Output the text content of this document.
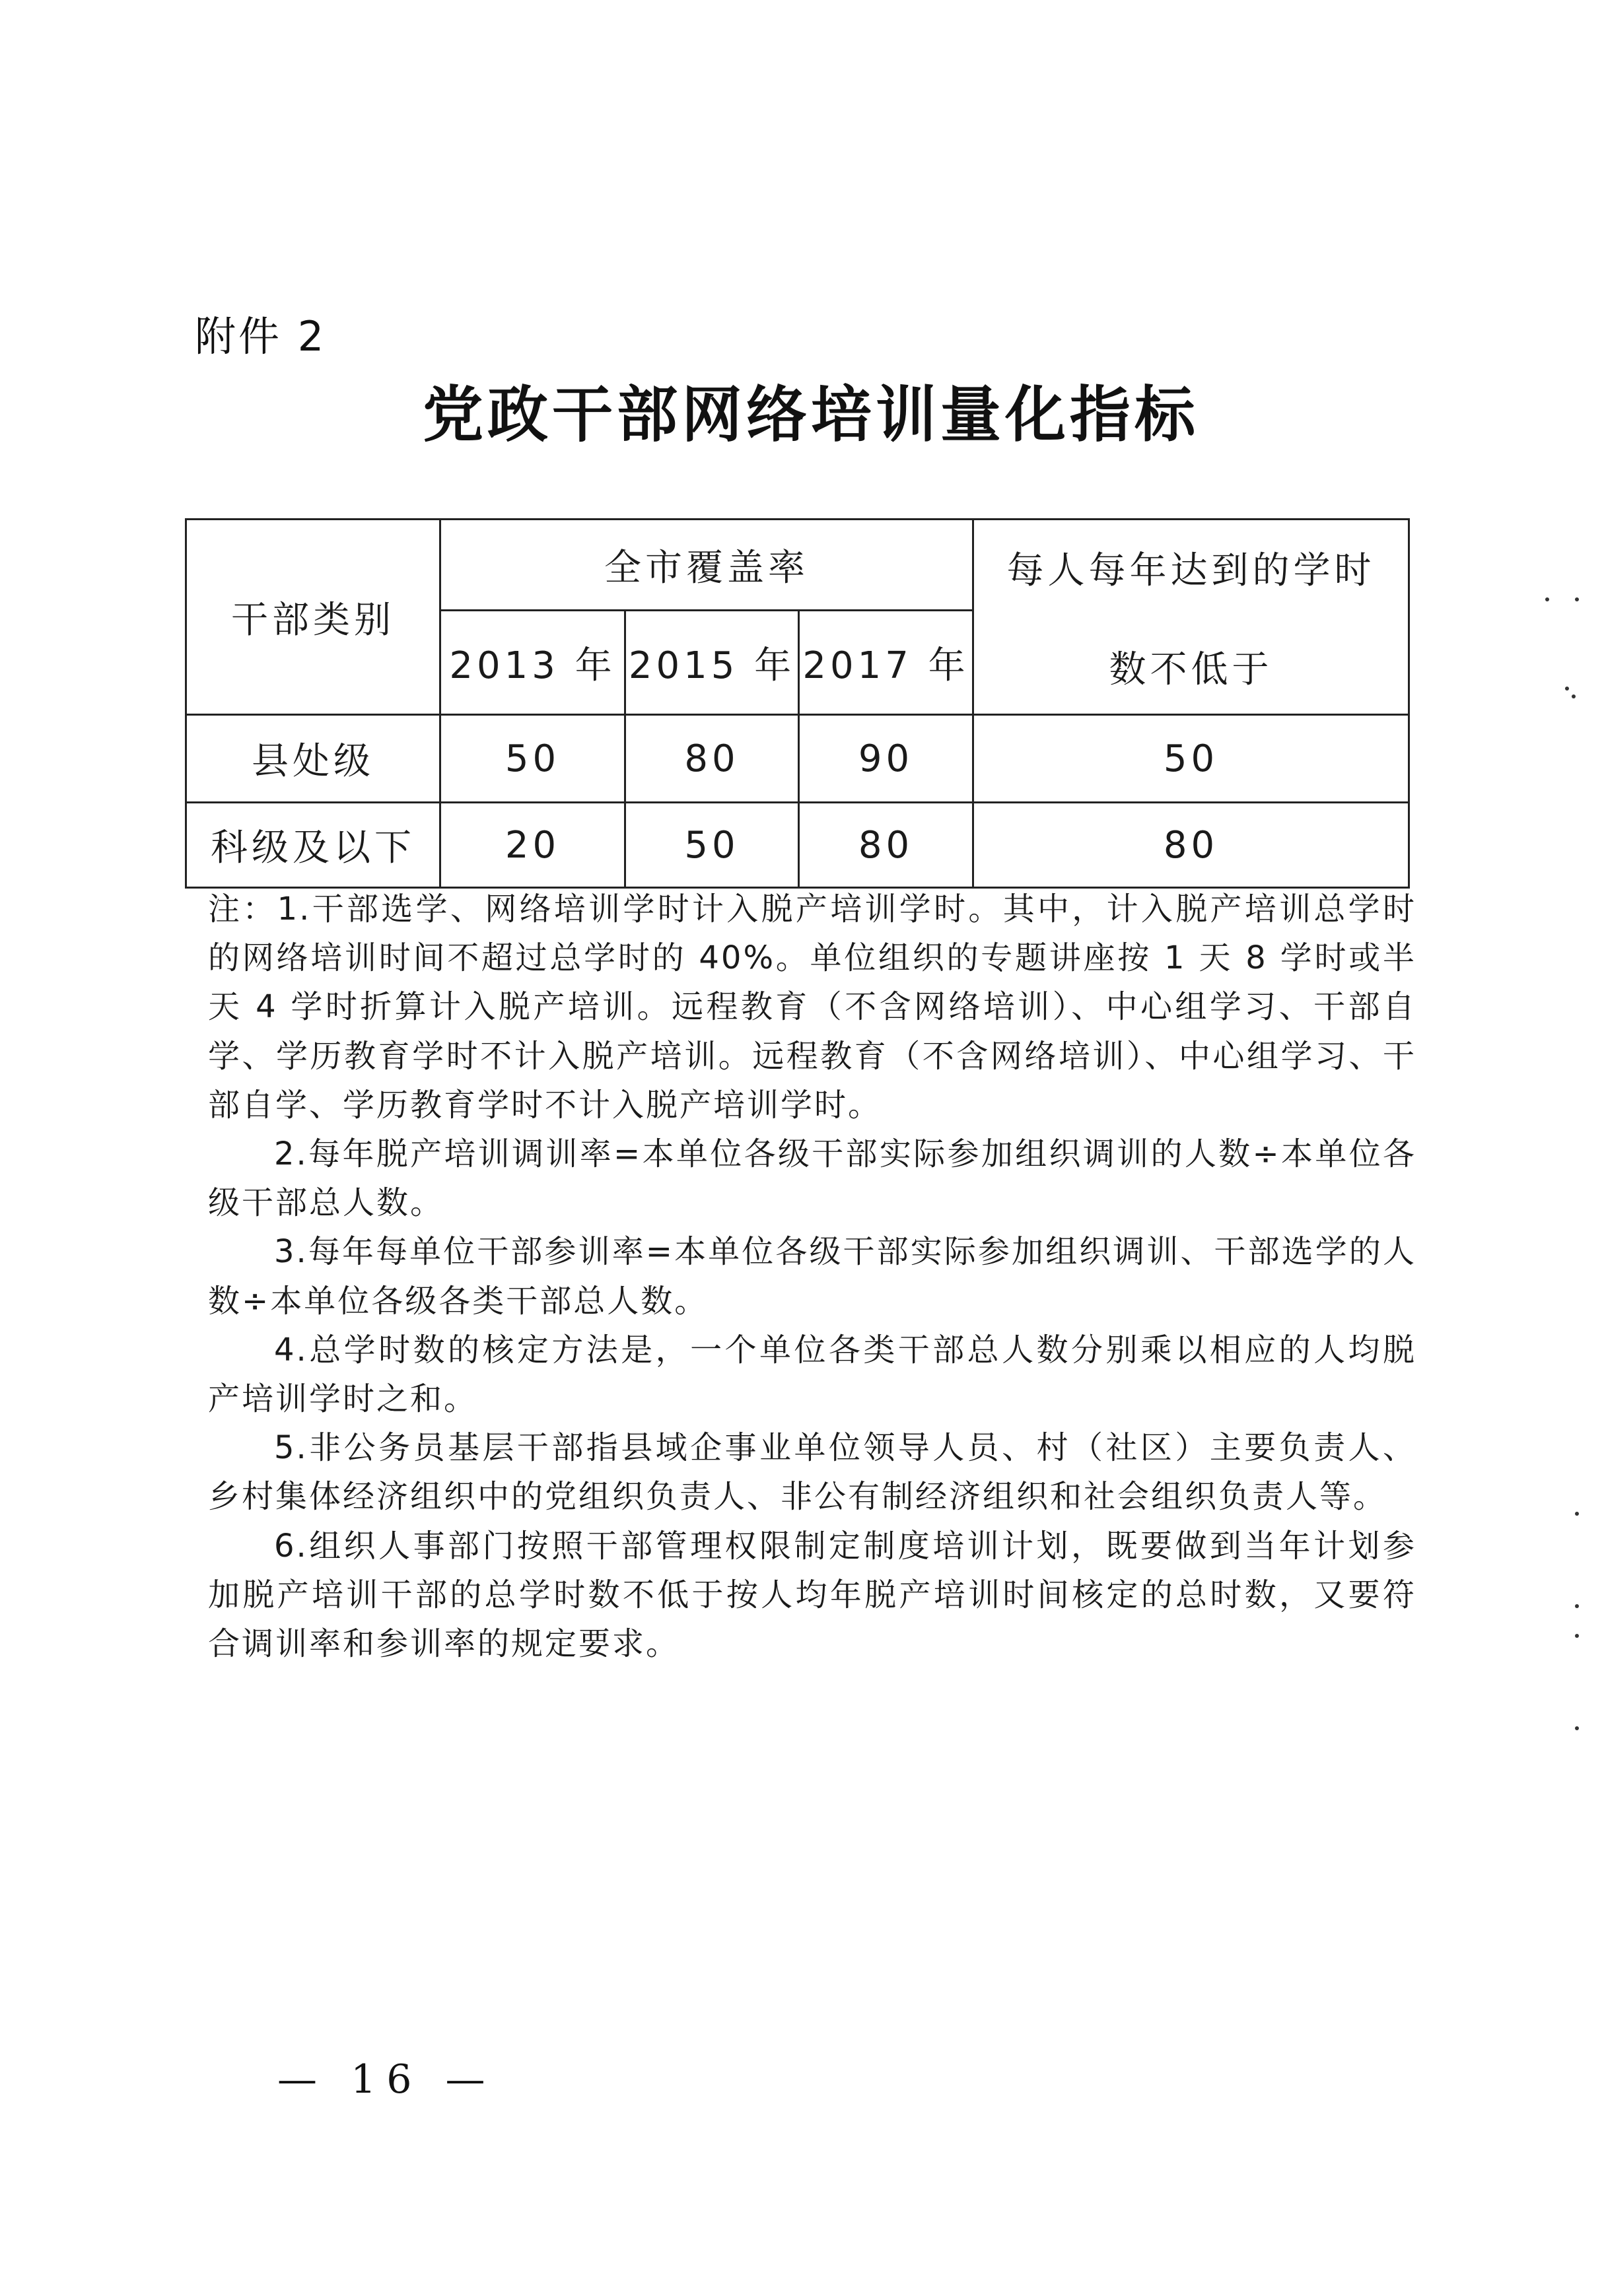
附件 2
党政干部网络培训量化指标
干部类别	全市覆盖率			每人每年达到的学时
数不低于

	2013 年	2015 年	2017 年	
县处级	50	80	90	50
科级及以下	20	50	80	80

注：1.干部选学、网络培训学时计入脱产培训学时。其中，计入脱产培训总学时的网络培训时间不超过总学时的 40%。单位组织的专题讲座按 1 天 8 学时或半天 4 学时折算计入脱产培训。远程教育（不含网络培训）、中心组学习、干部自学、学历教育学时不计入脱产培训。远程教育（不含网络培训）、中心组学习、干部自学、学历教育学时不计入脱产培训学时。

2.每年脱产培训调训率=本单位各级干部实际参加组织调训的人数÷本单位各级干部总人数。

3.每年每单位干部参训率=本单位各级干部实际参加组织调训、干部选学的人数÷本单位各级各类干部总人数。

4.总学时数的核定方法是，一个单位各类干部总人数分别乘以相应的人均脱产培训学时之和。

5.非公务员基层干部指县域企事业单位领导人员、村（社区）主要负责人、乡村集体经济组织中的党组织负责人、非公有制经济组织和社会组织负责人等。

6.组织人事部门按照干部管理权限制定制度培训计划，既要做到当年计划参加脱产培训干部的总学时数不低于按人均年脱产培训时间核定的总时数，又要符合调训率和参训率的规定要求。

— 16 —
